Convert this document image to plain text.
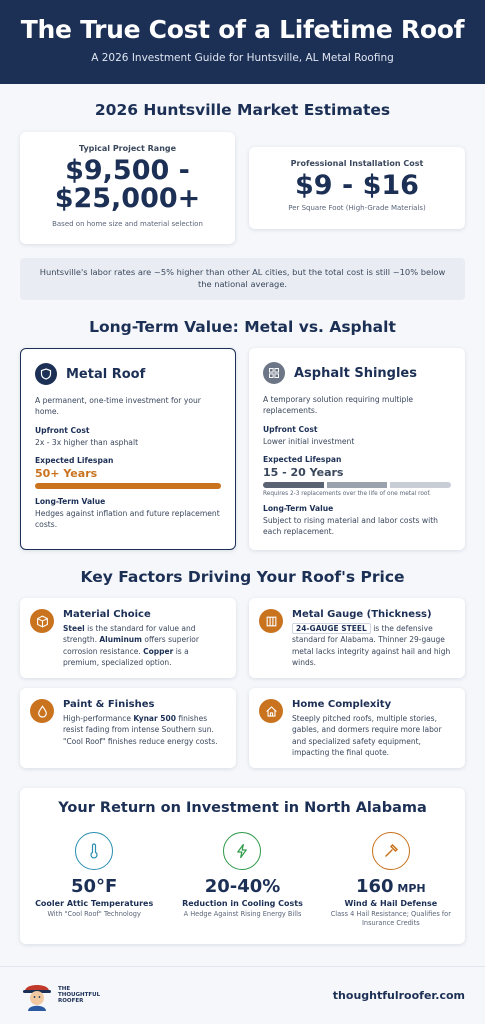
The True Cost of a Lifetime Roof

A 2026 Investment Guide for Huntsville, AL Metal Roofing

2026 Huntsville Market Estimates
Typical Project Range
$9,500 -
$25,000+
Based on home size and material selection
Professional Installation Cost
$9 - $16
Per Square Foot (High-Grade Materials)
Huntsville's labor rates are ~5% higher than other AL cities, but the total cost is still ~10% below the national average.
Long-Term Value: Metal vs. Asphalt
Metal Roof
A permanent, one-time investment for your home.
Upfront Cost
2x - 3x higher than asphalt
Expected Lifespan
50+ Years
Long-Term Value
Hedges against inflation and future replacement costs.
Asphalt Shingles
A temporary solution requiring multiple replacements.
Upfront Cost
Lower initial investment
Expected Lifespan
15 - 20 Years
Requires 2-3 replacements over the life of one metal roof.
Long-Term Value
Subject to rising material and labor costs with each replacement.
Key Factors Driving Your Roof's Price
Material Choice
Steel is the standard for value and strength. Aluminum offers superior corrosion resistance. Copper is a premium, specialized option.
Metal Gauge (Thickness)
24-GAUGE STEEL is the defensive standard for Alabama. Thinner 29-gauge metal lacks integrity against hail and high winds.
Paint & Finishes
High-performance Kynar 500 finishes resist fading from intense Southern sun. "Cool Roof" finishes reduce energy costs.
Home Complexity
Steeply pitched roofs, multiple stories, gables, and dormers require more labor and specialized safety equipment, impacting the final quote.
Your Return on Investment in North Alabama
50°F
Cooler Attic Temperatures
With "Cool Roof" Technology
20-40%
Reduction in Cooling Costs
A Hedge Against Rising Energy Bills
160 MPH
Wind & Hail Defense
Class 4 Hail Resistance; Qualifies for Insurance Credits
THE
THOUGHTFUL
ROOFER	thoughtfulroofer.com
